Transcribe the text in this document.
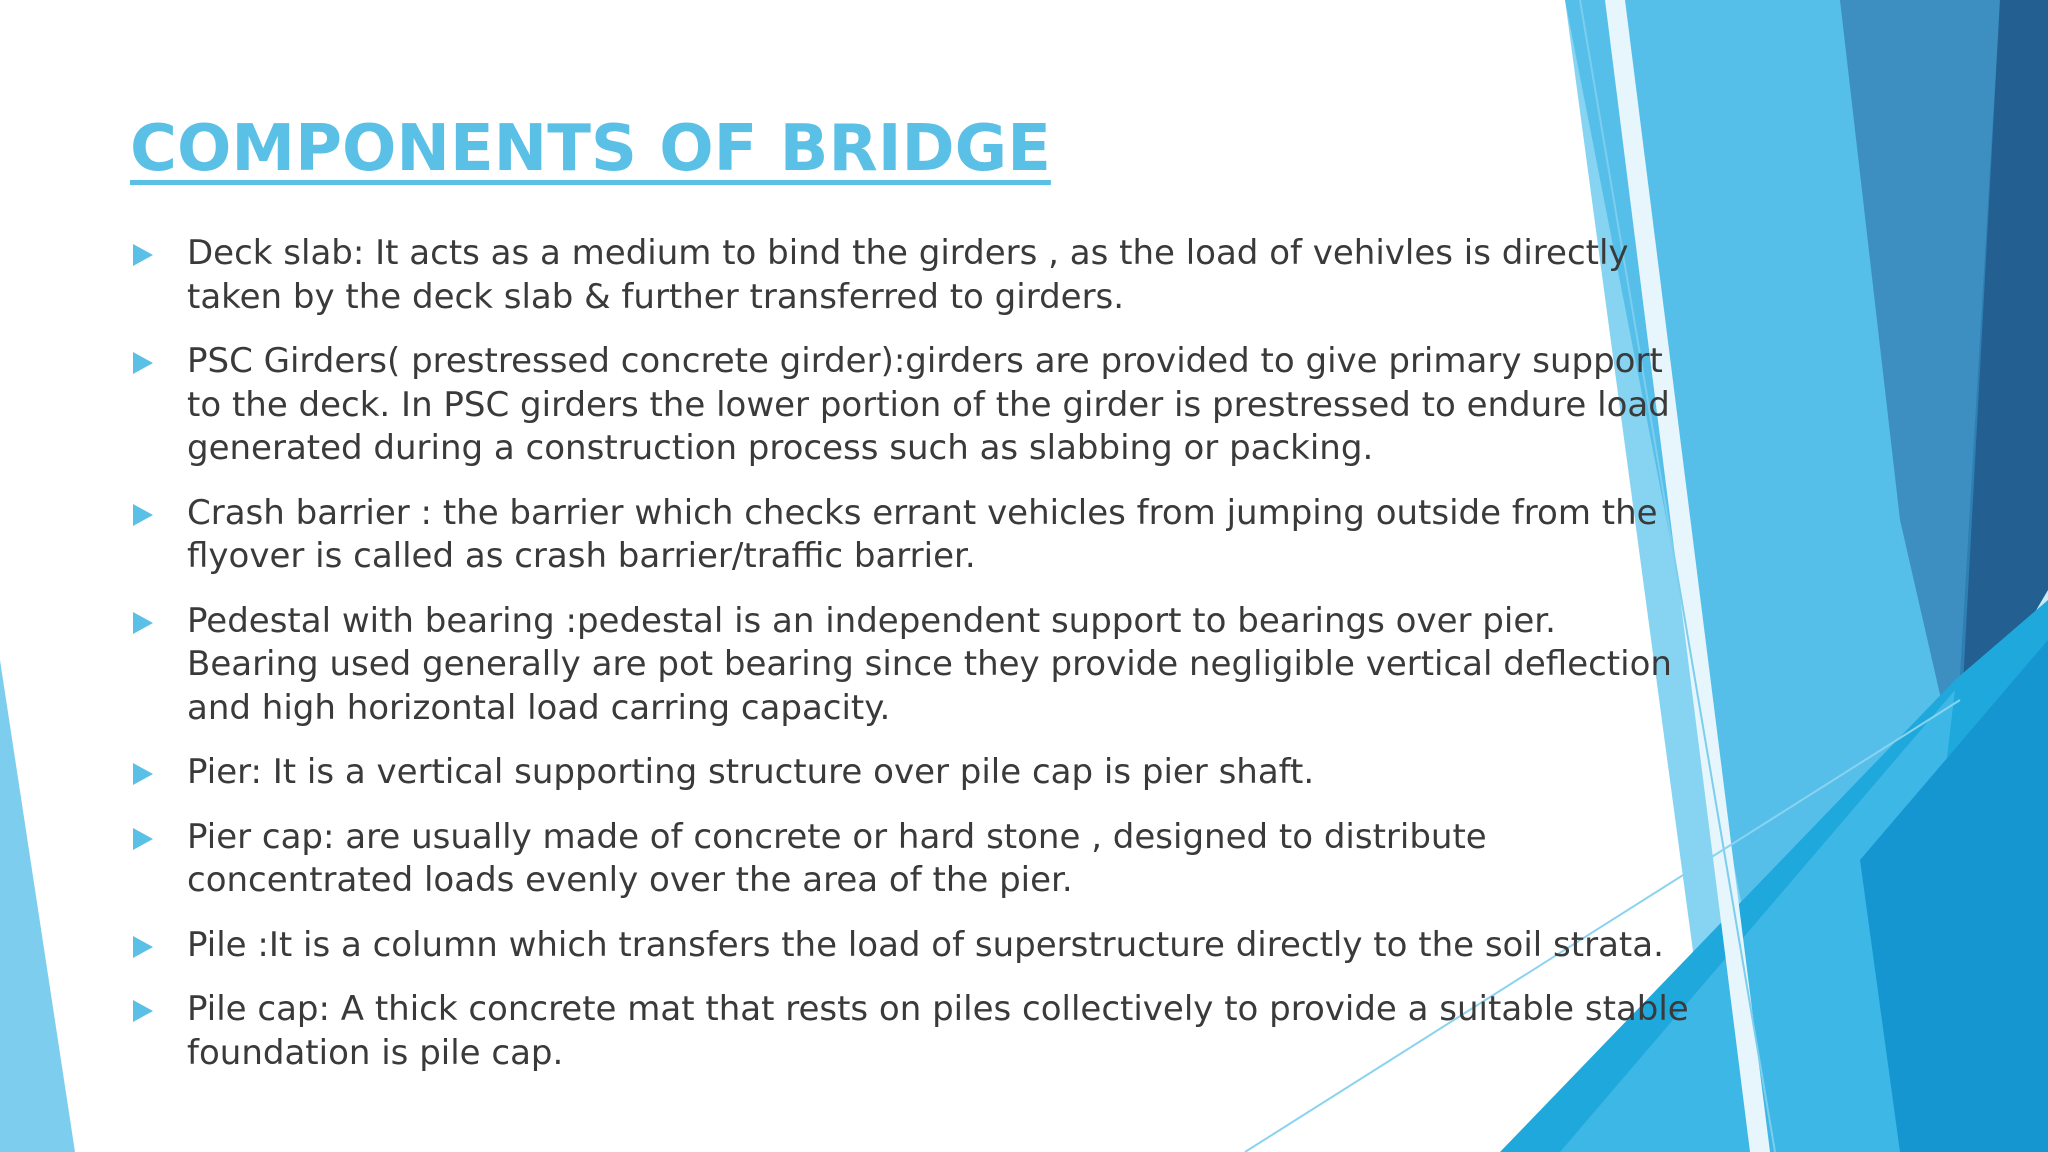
COMPONENTS OF BRIDGE
Deck slab: It acts as a medium to bind the girders , as the load of vehivles is directly taken by the deck slab & further transferred to girders.
PSC Girders( prestressed concrete girder):girders are provided to give primary support to the deck. In PSC girders the lower portion of the girder is prestressed to endure load generated during a construction process such as slabbing or packing.
Crash barrier : the barrier which checks errant vehicles from jumping outside from the flyover is called as crash barrier/traffic barrier.
Pedestal with bearing :pedestal is an independent support to bearings over pier. Bearing used generally are pot bearing since they provide negligible vertical deflection and high horizontal load carring capacity.
Pier: It is a vertical supporting structure over pile cap is pier shaft.
Pier cap: are usually made of concrete or hard stone , designed to distribute concentrated loads evenly over the area of the pier.
Pile :It is a column which transfers the load of superstructure directly to the soil strata.
Pile cap: A thick concrete mat that rests on piles collectively to provide a suitable stable foundation is pile cap.
